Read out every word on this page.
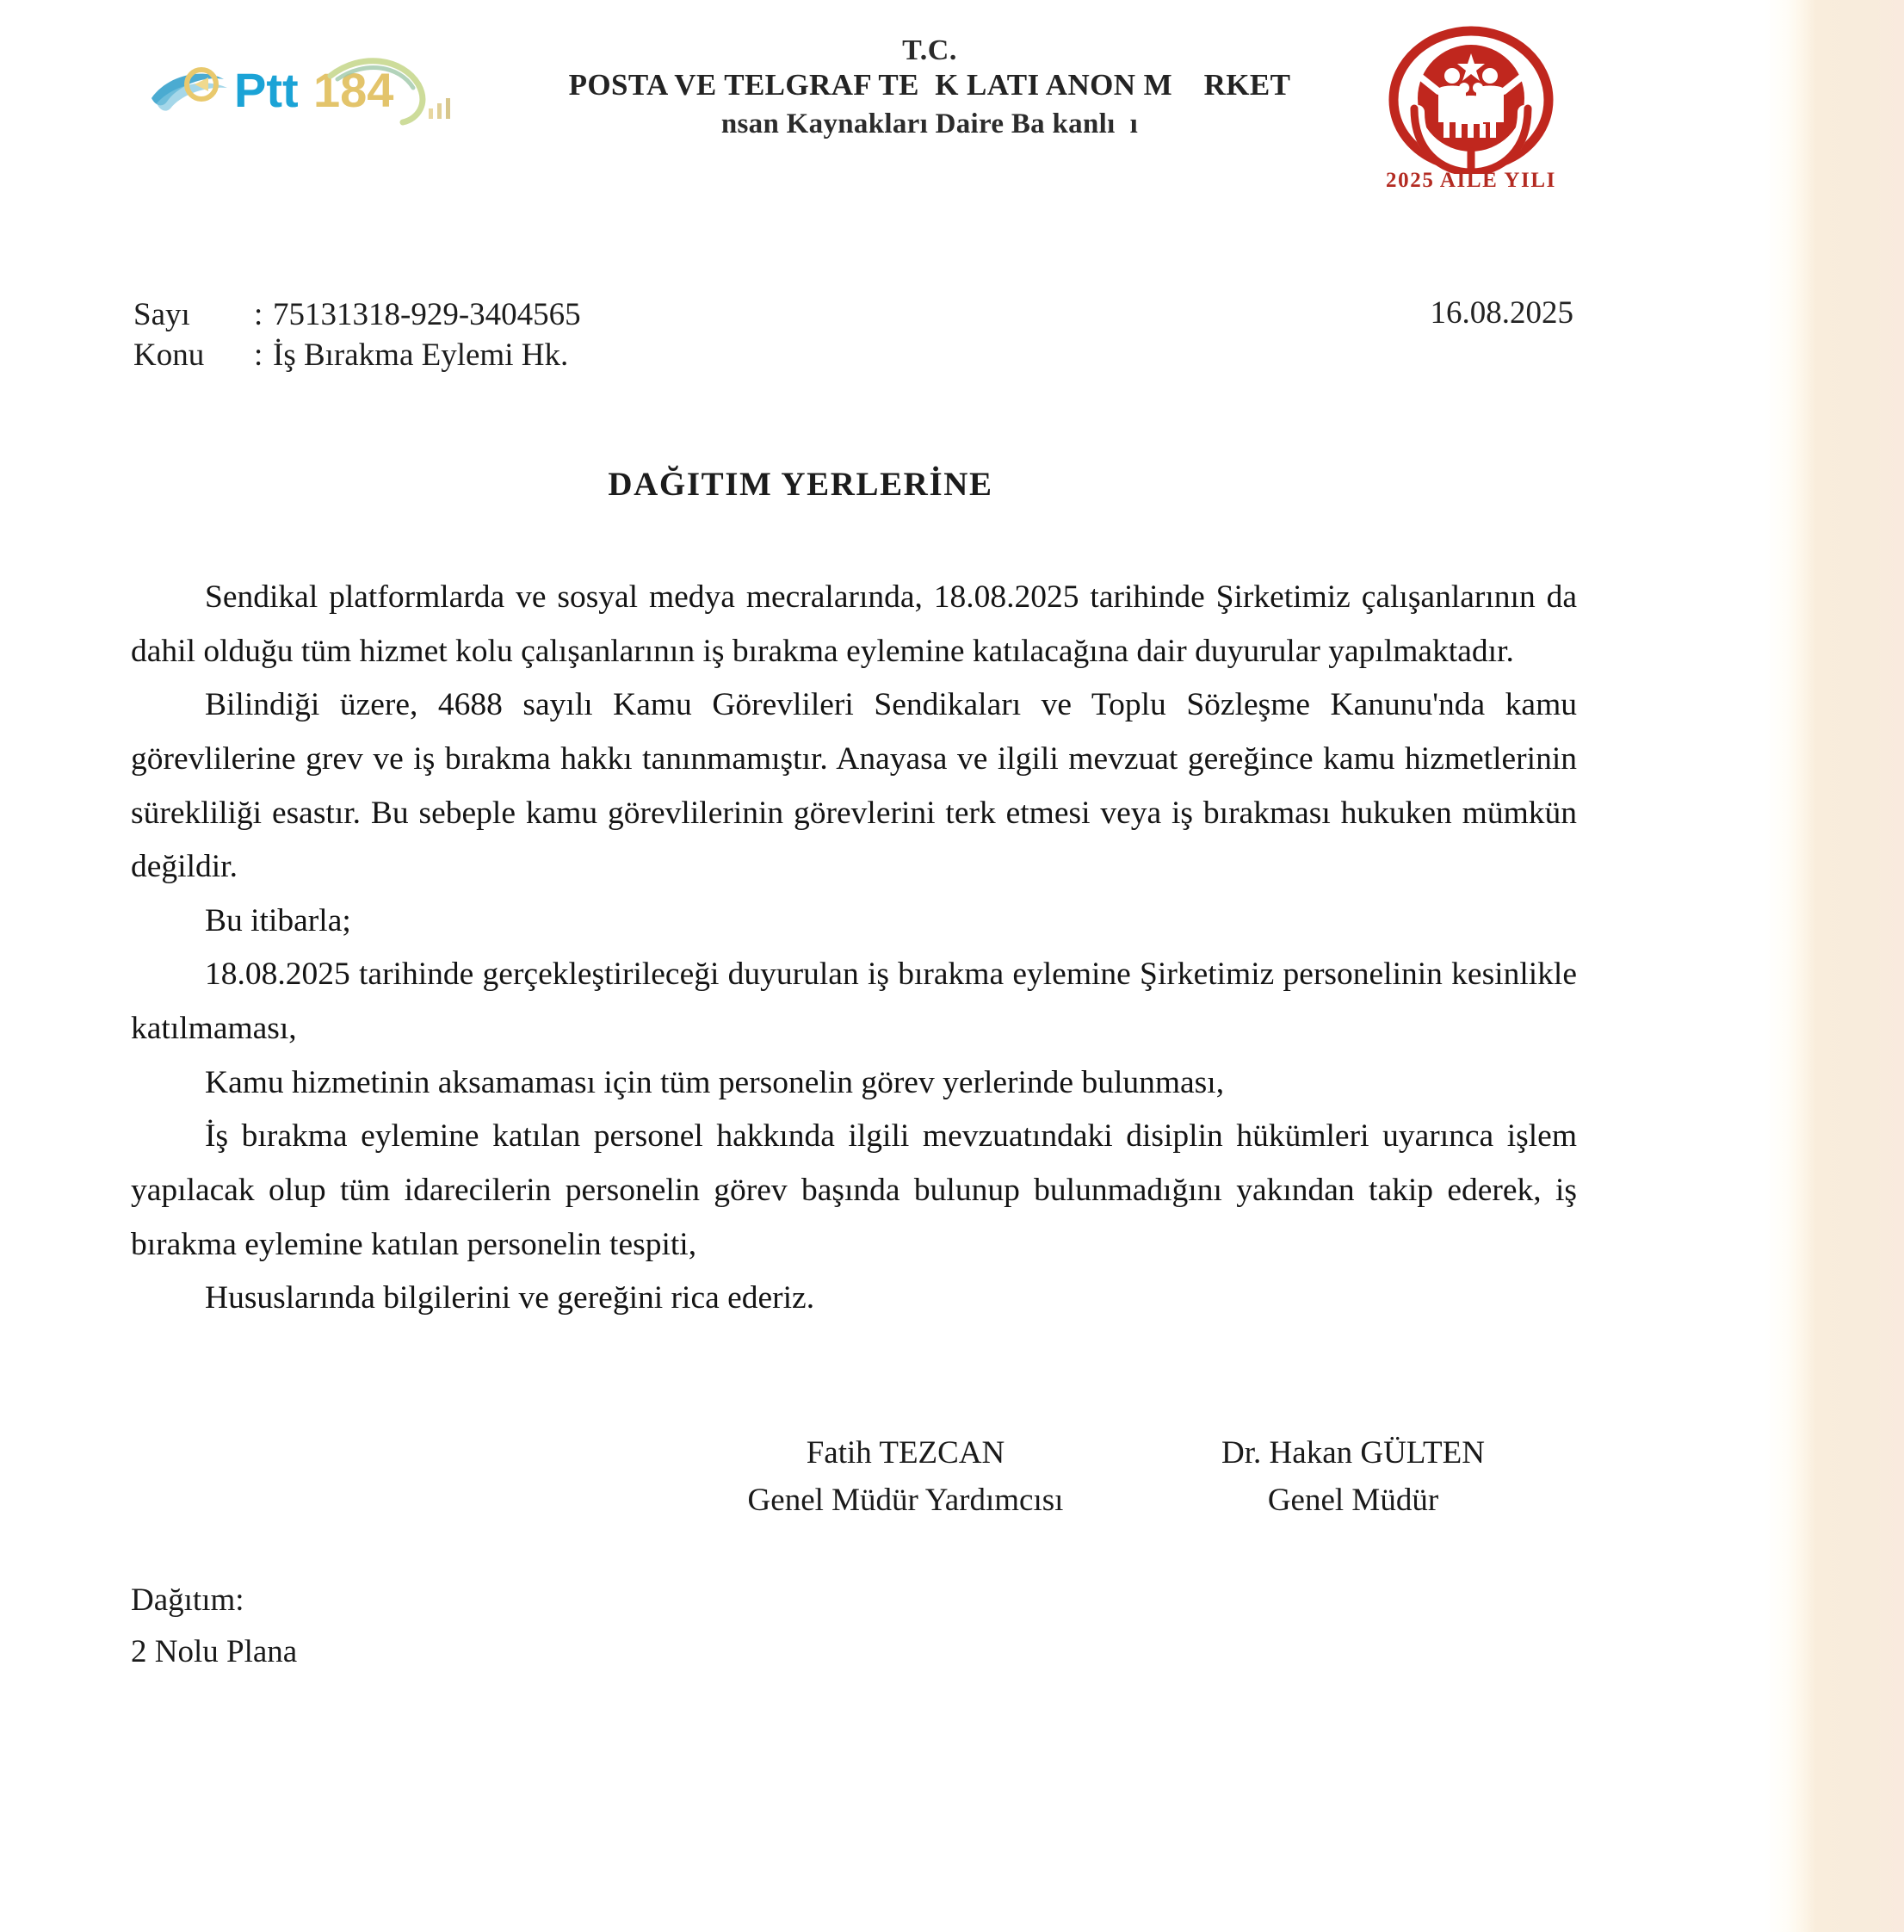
Ptt 184
T.C.
POSTA VE TELGRAF TE  K LATI ANON M    RKET
nsan Kaynakları Daire Ba kanlı  ı
2025 AİLE YILI
Sayı	: 75131318-929-3404565
Konu	: İş Bırakma Eylemi Hk.
16.08.2025
DAĞITIM YERLERİNE

Sendikal platformlarda ve sosyal medya mecralarında, 18.08.2025 tarihinde Şirketimiz çalışanlarının da dahil olduğu tüm hizmet kolu çalışanlarının iş bırakma eylemine katılacağına dair duyurular yapılmaktadır.

Bilindiği üzere, 4688 sayılı Kamu Görevlileri Sendikaları ve Toplu Sözleşme Kanunu'nda kamu görevlilerine grev ve iş bırakma hakkı tanınmamıştır. Anayasa ve ilgili mevzuat gereğince kamu hizmetlerinin sürekliliği esastır. Bu sebeple kamu görevlilerinin görevlerini terk etmesi veya iş bırakması hukuken mümkün değildir.

Bu itibarla;

18.08.2025 tarihinde gerçekleştirileceği duyurulan iş bırakma eylemine Şirketimiz personelinin kesinlikle katılmaması,

Kamu hizmetinin aksamaması için tüm personelin görev yerlerinde bulunması,

İş bırakma eylemine katılan personel hakkında ilgili mevzuatındaki disiplin hükümleri uyarınca işlem yapılacak olup tüm idarecilerin personelin görev başında bulunup bulunmadığını yakından takip ederek, iş bırakma eylemine katılan personelin tespiti,

Hususlarında bilgilerini ve gereğini rica ederiz.

Fatih TEZCAN
Genel Müdür Yardımcısı
Dr. Hakan GÜLTEN
Genel Müdür
Dağıtım:
2 Nolu Plana
